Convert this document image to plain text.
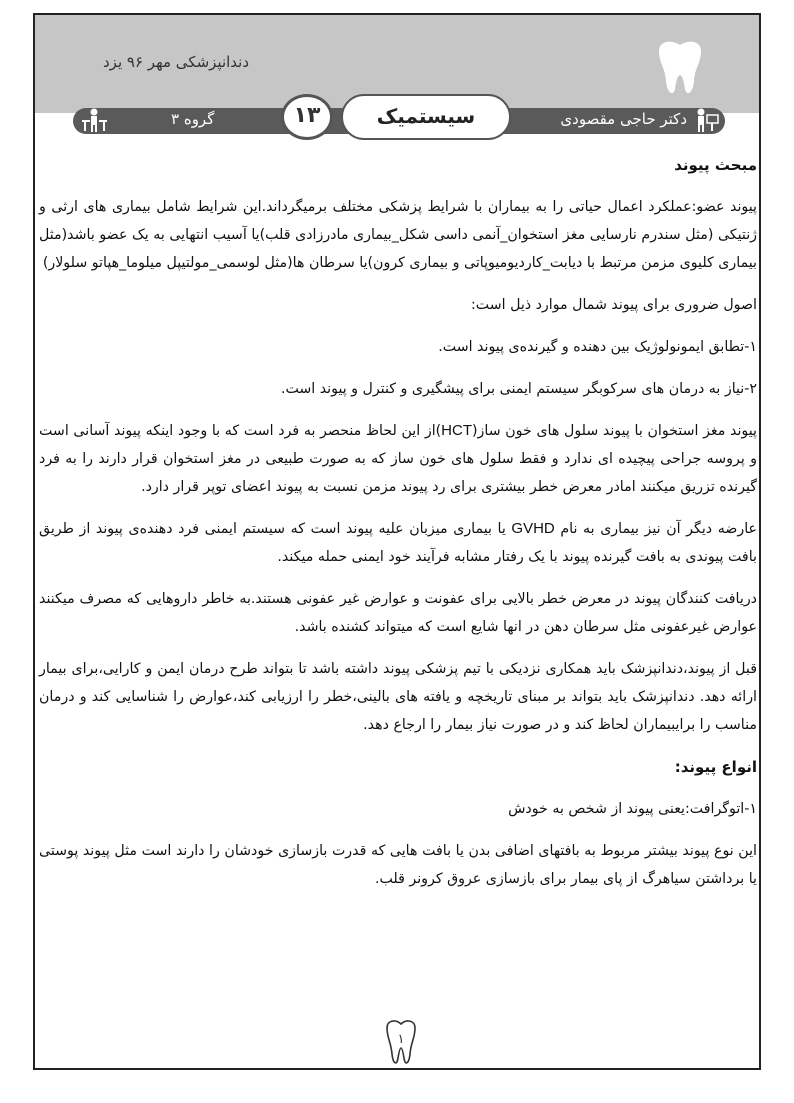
دندانپزشکی مهر ۹۶ یزد
گروه ۳	دکتر حاجی مقصودی
۱۳	سیستمیک
مبحث پیوند

پیوند عضو:عملکرد اعمال حیاتی را به بیماران با شرایط پزشکی مختلف برمیگرداند.این شرایط شامل بیماری های ارثی و ژنتیکی (مثل سندرم نارسایی مغز استخوان_آنمی داسی شکل_بیماری مادرزادی قلب)یا آسیب انتهایی به یک عضو باشد(مثل بیماری کلیوی مزمن مرتبط با دیابت_کاردیومیوپاتی و بیماری کرون)یا سرطان ها(مثل لوسمی_مولتیپل میلوما_هپاتو سلولار)

اصول ضروری برای پیوند شمال موارد ذیل است:

۱-تطابق ایمونولوژیک بین دهنده و گیرنده‌ی پیوند است.

۲-نیاز به درمان های سرکوبگر سیستم ایمنی برای پیشگیری و کنترل و پیوند است.

پیوند مغز استخوان با پیوند سلول های خون ساز(HCT)از این لحاظ منحصر به فرد است که با وجود اینکه پیوند آسانی است و پروسه جراحی پیچیده ای ندارد و فقط سلول های خون ساز که به صورت طبیعی در مغز استخوان قرار دارند را به فرد گیرنده تزریق میکنند امادر معرض خطر بیشتری برای رد پیوند مزمن نسبت به پیوند اعضای توپر قرار دارد.

عارضه دیگر آن نیز بیماری به نام GVHD یا بیماری میزبان علیه پیوند است که سیستم ایمنی فرد دهنده‌ی پیوند از طریق بافت پیوندی به بافت گیرنده پیوند با یک رفتار مشابه فرآیند خود ایمنی حمله میکند.

دریافت کنندگان پیوند در معرض خطر بالایی برای عفونت و عوارض غیر عفونی هستند.به خاطر داروهایی که مصرف میکنند عوارض غیرعفونی مثل سرطان دهن در انها شایع است که میتواند کشنده باشد.

قبل از پیوند،دندانپزشک باید همکاری نزدیکی با تیم پزشکی پیوند داشته باشد تا بتواند طرح درمان ایمن و کارایی،برای بیمار ارائه دهد. دندانپزشک باید بتواند بر مبنای تاریخچه و یافته های بالینی،خطر را ارزیابی کند،عوارض را شناسایی کند و درمان مناسب را برایبیماران لحاظ کند و در صورت نیاز بیمار را ارجاع دهد.

انواع پیوند:

۱-اتوگرافت:یعنی پیوند از شخص به خودش

این نوع پیوند بیشتر مربوط به بافتهای اضافی بدن یا بافت هایی که قدرت بازسازی خودشان را دارند است مثل پیوند پوستی یا برداشتن سیاهرگ از پای بیمار برای بازسازی عروق کرونر قلب.

۱
